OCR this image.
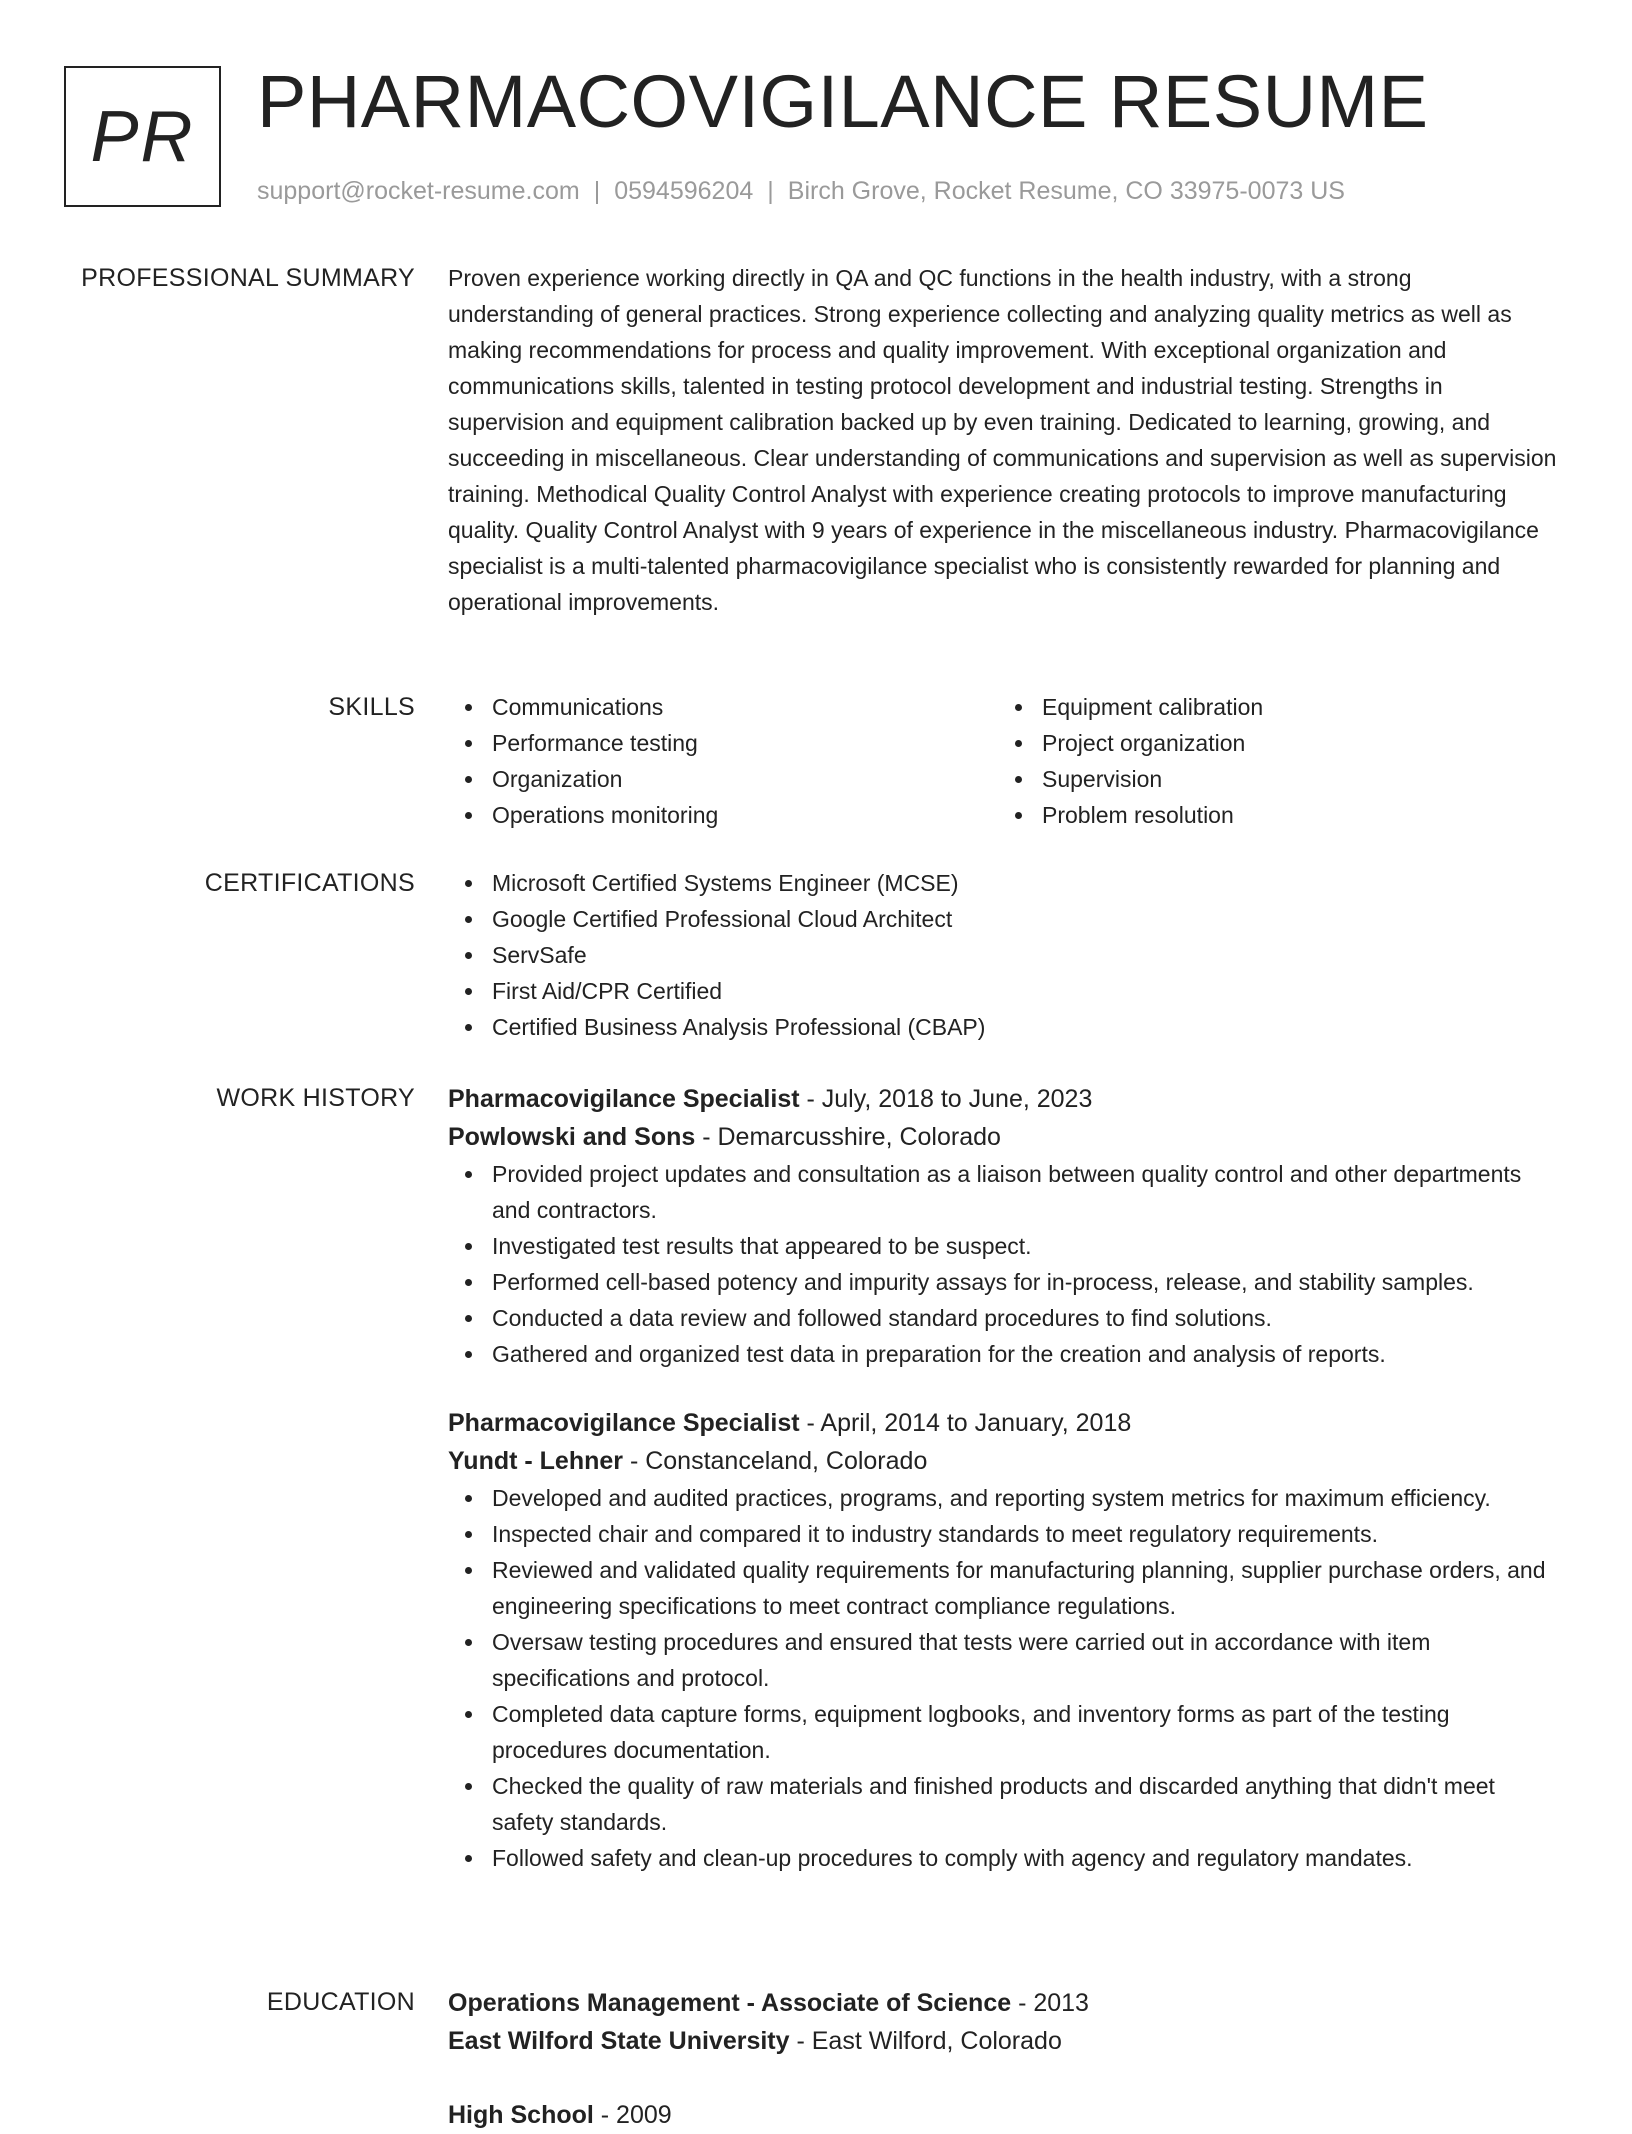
PR PHARMACOVIGILANCE RESUME
support@rocket-resume.com | 0594596204 | Birch Grove, Rocket Resume, CO 33975-0073 US
PROFESSIONAL SUMMARY Proven experience working directly in QA and QC functions in the health industry, with a strong understanding of general practices. Strong experience collecting and analyzing quality metrics as well as making recommendations for process and quality improvement. With exceptional organization and communications skills, talented in testing protocol development and industrial testing. Strengths in supervision and equipment calibration backed up by even training. Dedicated to learning, growing, and succeeding in miscellaneous. Clear understanding of communications and supervision as well as supervision training. Methodical Quality Control Analyst with experience creating protocols to improve manufacturing quality. Quality Control Analyst with 9 years of experience in the miscellaneous industry. Pharmacovigilance specialist is a multi-talented pharmacovigilance specialist who is consistently rewarded for planning and operational improvements.

SKILLS	Communications
Performance testing
Organization
Operations monitoring
Equipment calibration
Project organization
Supervision
Problem resolution
CERTIFICATIONS	Microsoft Certified Systems Engineer (MCSE)
Google Certified Professional Cloud Architect
ServSafe
First Aid/CPR Certified
Certified Business Analysis Professional (CBAP)
WORK HISTORY Pharmacovigilance Specialist - July, 2018 to June, 2023
Powlowski and Sons - Demarcusshire, Colorado
Provided project updates and consultation as a liaison between quality control and other departments and contractors.
Investigated test results that appeared to be suspect.
Performed cell-based potency and impurity assays for in-process, release, and stability samples.
Conducted a data review and followed standard procedures to find solutions.
Gathered and organized test data in preparation for the creation and analysis of reports.
Pharmacovigilance Specialist - April, 2014 to January, 2018
Yundt - Lehner - Constanceland, Colorado
Developed and audited practices, programs, and reporting system metrics for maximum efficiency.
Inspected chair and compared it to industry standards to meet regulatory requirements.
Reviewed and validated quality requirements for manufacturing planning, supplier purchase orders, and engineering specifications to meet contract compliance regulations.
Oversaw testing procedures and ensured that tests were carried out in accordance with item specifications and protocol.
Completed data capture forms, equipment logbooks, and inventory forms as part of the testing procedures documentation.
Checked the quality of raw materials and finished products and discarded anything that didn't meet safety standards.
Followed safety and clean-up procedures to comply with agency and regulatory mandates.
EDUCATION Operations Management - Associate of Science - 2013
East Wilford State University - East Wilford, Colorado
High School - 2009
